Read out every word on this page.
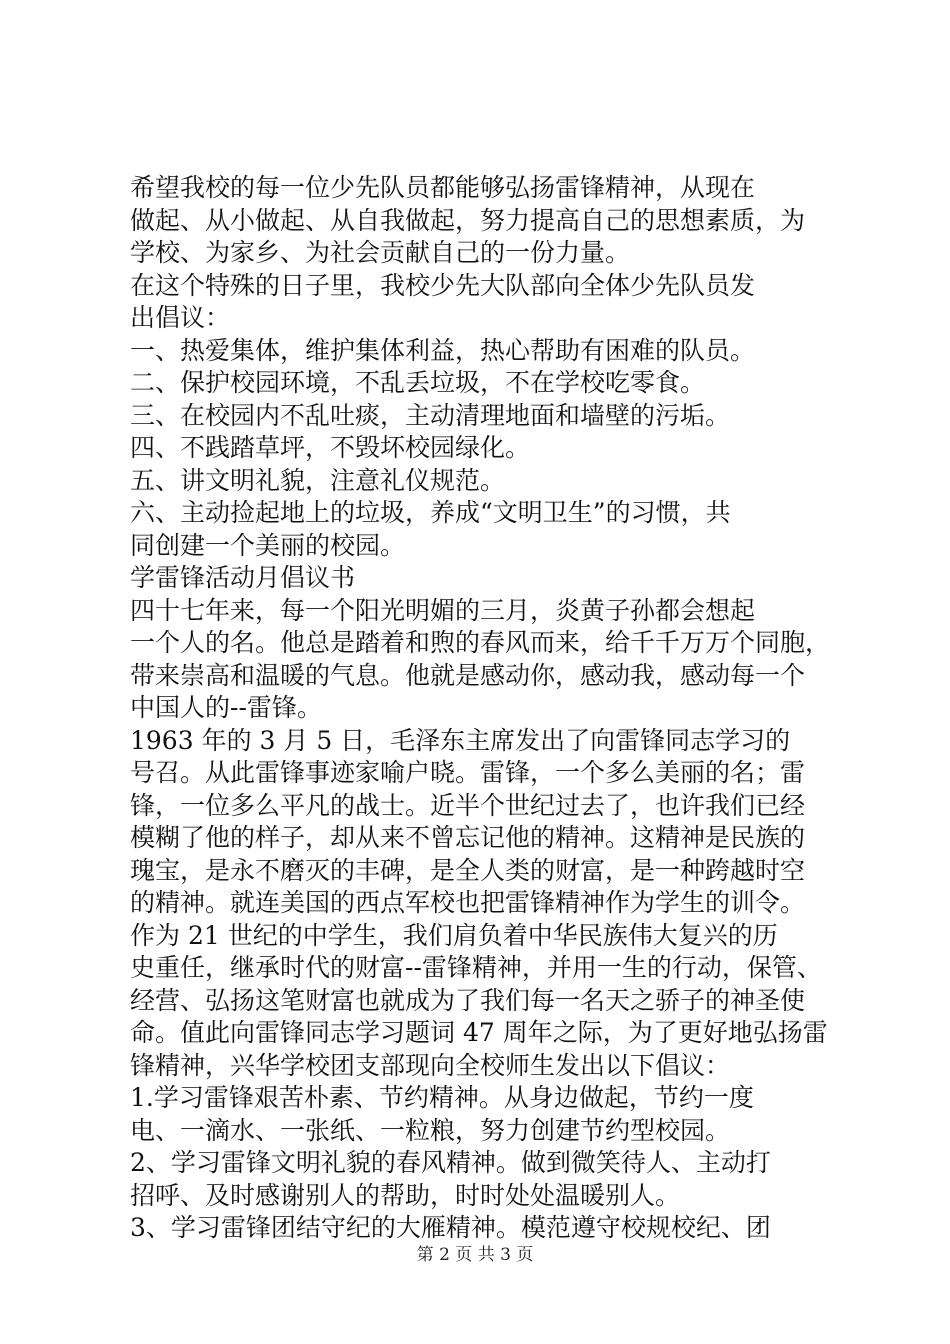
希望我校的每一位少先队员都能够弘扬雷锋精神，从现在
做起、从小做起、从自我做起，努力提高自己的思想素质，为
学校、为家乡、为社会贡献自己的一份力量。
在这个特殊的日子里，我校少先大队部向全体少先队员发
出倡议：
一、热爱集体，维护集体利益，热心帮助有困难的队员。
二、保护校园环境，不乱丢垃圾，不在学校吃零食。
三、在校园内不乱吐痰，主动清理地面和墙壁的污垢。
四、不践踏草坪，不毁坏校园绿化。
五、讲文明礼貌，注意礼仪规范。
六、主动捡起地上的垃圾，养成“文明卫生”的习惯，共
同创建一个美丽的校园。
学雷锋活动月倡议书
四十七年来，每一个阳光明媚的三月，炎黄子孙都会想起
一个人的名。他总是踏着和煦的春风而来，给千千万万个同胞，
带来崇高和温暖的气息。他就是感动你，感动我，感动每一个
中国人的--雷锋。
1963 年的 3 月 5 日，毛泽东主席发出了向雷锋同志学习的
号召。从此雷锋事迹家喻户晓。雷锋，一个多么美丽的名；雷
锋，一位多么平凡的战士。近半个世纪过去了，也许我们已经
模糊了他的样子，却从来不曾忘记他的精神。这精神是民族的
瑰宝，是永不磨灭的丰碑，是全人类的财富，是一种跨越时空
的精神。就连美国的西点军校也把雷锋精神作为学生的训令。
作为 21 世纪的中学生，我们肩负着中华民族伟大复兴的历
史重任，继承时代的财富--雷锋精神，并用一生的行动，保管、
经营、弘扬这笔财富也就成为了我们每一名天之骄子的神圣使
命。值此向雷锋同志学习题词 47 周年之际，为了更好地弘扬雷
锋精神，兴华学校团支部现向全校师生发出以下倡议：
1.学习雷锋艰苦朴素、节约精神。从身边做起，节约一度
电、一滴水、一张纸、一粒粮，努力创建节约型校园。
2、学习雷锋文明礼貌的春风精神。做到微笑待人、主动打
招呼、及时感谢别人的帮助，时时处处温暖别人。
3、学习雷锋团结守纪的大雁精神。模范遵守校规校纪、团
第 2 页 共 3 页
